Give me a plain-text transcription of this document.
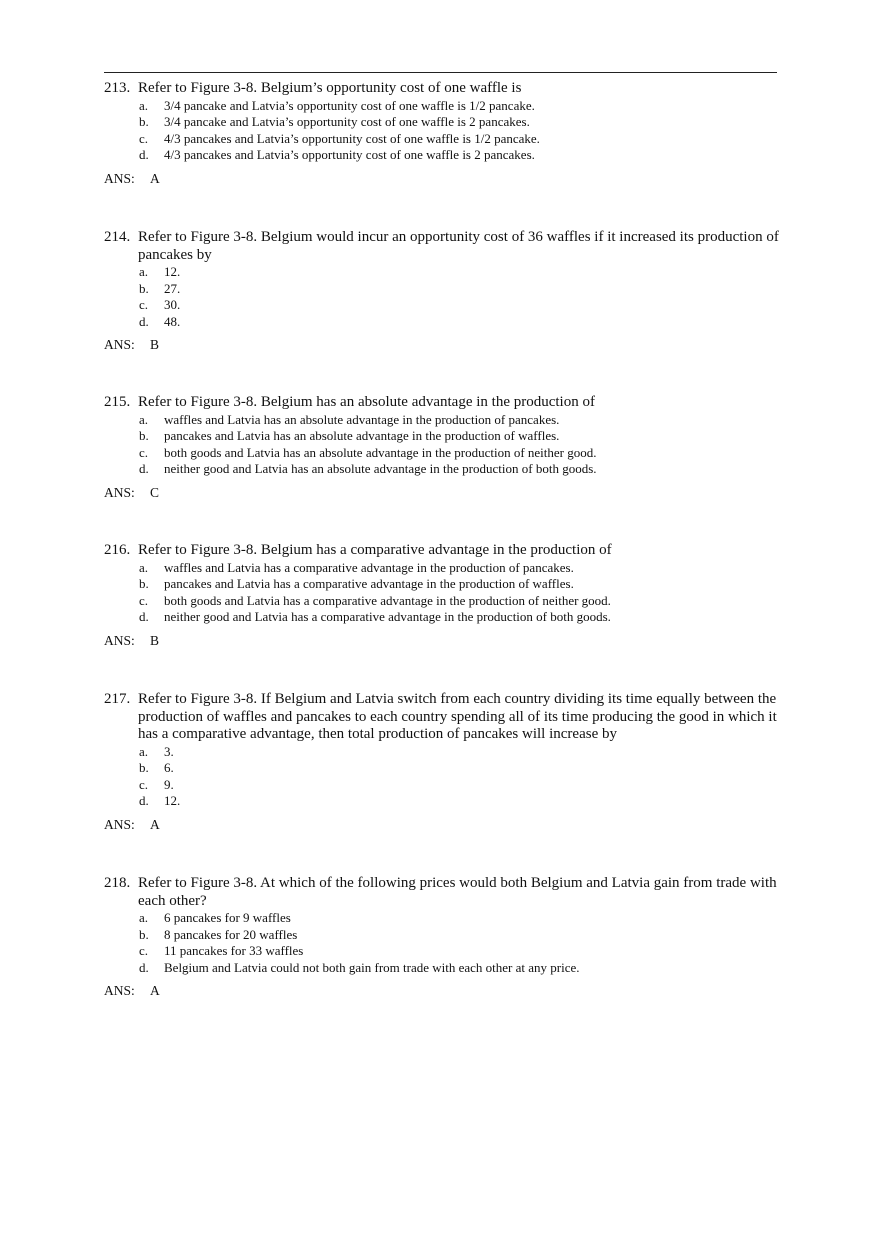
213. Refer to Figure 3-8. Belgium’s opportunity cost of one waffle is
a. 3/4 pancake and Latvia’s opportunity cost of one waffle is 1/2 pancake.
b. 3/4 pancake and Latvia’s opportunity cost of one waffle is 2 pancakes.
c. 4/3 pancakes and Latvia’s opportunity cost of one waffle is 1/2 pancake.
d. 4/3 pancakes and Latvia’s opportunity cost of one waffle is 2 pancakes.
ANS: A
214. Refer to Figure 3-8. Belgium would incur an opportunity cost of 36 waffles if it increased its production of pancakes by
a. 12.
b. 27.
c. 30.
d. 48.
ANS: B
215. Refer to Figure 3-8. Belgium has an absolute advantage in the production of
a. waffles and Latvia has an absolute advantage in the production of pancakes.
b. pancakes and Latvia has an absolute advantage in the production of waffles.
c. both goods and Latvia has an absolute advantage in the production of neither good.
d. neither good and Latvia has an absolute advantage in the production of both goods.
ANS: C
216. Refer to Figure 3-8. Belgium has a comparative advantage in the production of
a. waffles and Latvia has a comparative advantage in the production of pancakes.
b. pancakes and Latvia has a comparative advantage in the production of waffles.
c. both goods and Latvia has a comparative advantage in the production of neither good.
d. neither good and Latvia has a comparative advantage in the production of both goods.
ANS: B
217. Refer to Figure 3-8. If Belgium and Latvia switch from each country dividing its time equally between the production of waffles and pancakes to each country spending all of its time producing the good in which it has a comparative advantage, then total production of pancakes will increase by
a. 3.
b. 6.
c. 9.
d. 12.
ANS: A
218. Refer to Figure 3-8. At which of the following prices would both Belgium and Latvia gain from trade with each other?
a. 6 pancakes for 9 waffles
b. 8 pancakes for 20 waffles
c. 11 pancakes for 33 waffles
d. Belgium and Latvia could not both gain from trade with each other at any price.
ANS: A
